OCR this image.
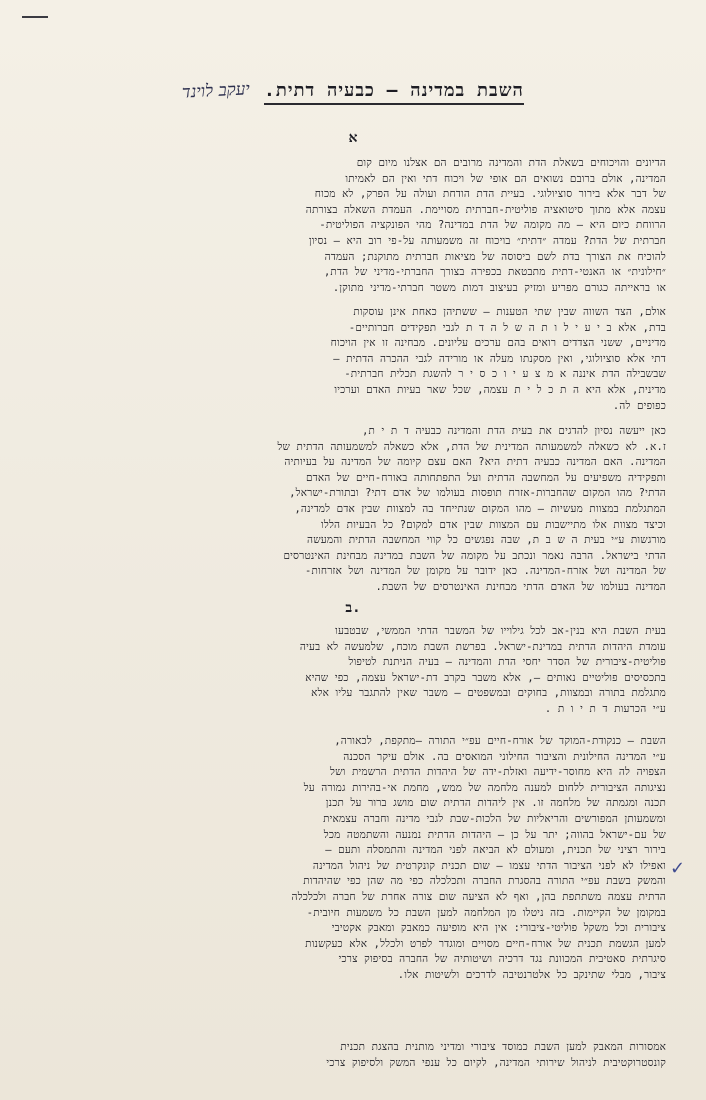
השבת במדינה – כבעיה דתית.
יעקב לוינד
א
הדיונים והויכוחים בשאלת הדת והמדינה מרובים הם אצלנו מיום קום
המדינה, אולם ברובם נשואים הם אופי של ויכוח דתי ואין הם לאמיתו
של דבר אלא בירור סוציולוגי. בעיית הדת הודחת ועולה על הפרק, לא מכוח
עצמה אלא מתוך סיטואציה פוליטית-חברתית מסויימת. העמדת השאלה בצורתה
הרווחת כיום היא – מה מקומה של הדת במדינה? מהי הפונקציה הפוליטית-
חברתית של הדת? עמדה ״דתית״ בויכוח זה משמעותה על-פי רוב היא – נסיון
להוכיח את הצורך בדת לשם ביסוסה של מציאות חברתית מתוקנת; העמדה
״חילונית״ או האנטי-דתית מתבטאת בכפירה בצורך החברתי-מדיני של הדת,
או בראייתה כגורם מפריע ומזיק בעיצוב דמות משטר חברתי-מדיני מתוקן.
אולם, הצד השווה שבין שתי הטענות – ששתיהן כאחת אינן עוסקות
בדת, אלא ב י ע י ל ו ת ה ש ל ה ד ת לגבי תפקידים חברותיים-
מדיניים, ששני הצדדים רואים בהם ערכים עליונים. מבחינה זו אין הויכוח
דתי אלא סוציולוגי, ואין מסקנתו מעלה או מורידה לגבי ההכרה הדתית –
שבשבילה הדת איננה א מ צ ע י ו כ ס י ר להשגת תכלית חברתית-
מדינית, אלא היא ה ת כ ל י ת עצמה, שכל שאר בעיות האדם וערכיו
כפופים לה.
כאן ייעשה נסיון להדגים את בעית הדת והמדינה כבעיה ד ת י ת,
ז.א. לא כשאלה למשמעותה המדינית של הדת, אלא כשאלה למשמעותה הדתית של
המדינה. האם המדינה כבעיה דתית היא? האם עצם קיומה של המדינה על בעיותיה
ותפקידיה משפיעים על המחשבה הדתית ועל התפתחותה באורח-חיים של האדם
הדתי? מהו המקום שהחברות-אזרח תופסות בעולמו של אדם דתי? ובתורת-ישראל,
המתגלמת במצוות מעשיות – מהו המקום שנתייחד בה למצוות שבין אדם למדינה,
וכיצד מצוות אלו מתיישבות עם המצוות שבין אדם למקום? כל הבעיות הללו
מורגשות ע״י בעית ה ש ב ת, שבה נפגשים כל קווי המחשבה הדתית והמעשה
הדתי בישראל. הרבה נאמר ונכתב על מקומה של השבת במדינה מבחינת האינטרסים
של המדינה ושל אזרח-המדינה. כאן ידובר על מקומן של המדינה ושל אזרחות-
המדינה בעולמו של האדם הדתי מבחינת האינטרסים של השבת.
ב.
בעית השבת היא בנין-אב לכל גילוייו של המשבר הדתי הממשי, שבטבעו
עומדת היהדות הדתית במדינת-ישראל. בפרשת השבת מוכח, שלמעשה לא בעיה
פוליטית-ציבורית של הסדר יחסי הדת והמדינה – בעיה הניתנת לטיפול
בתכסיסים פוליטיים נאותים –, אלא משבר בקרב דת-ישראל עצמה, כפי שהיא
מתגלמת בתורה ובמצוות, בחוקים ובמשפטים – משבר שאין להתגבר עליו אלא
ע״י הכרעות ד ת י ו ת .
השבת – כנקודת-המוקד של אורח-חיים עפ״י התורה –מתקפת, לכאורה,
ע״י המדינה החילונית והציבור החילוני המואסים בה. אולם עיקר הסכנה
הצפויה לה היא מחוסר-ידיעה ואזלת-ידה של היהדות הדתית הרשמית ושל
נציגותה הציבורית ללחום למענה מלחמה של ממש, מחמת אי-בהירות גמורה על
תכנה ומגמתה של מלחמה זו. אין ליהדות הדתית שום מושג ברור על תכנן
ומשמעותן המפורשים והריאליות של הלכות-שבת לגבי מדינה וחברה עצמאית
של עם-ישראל בהווה; יתר על כן – היהדות הדתית נמנעה והשתמטה מכל
בירור רציני של תכנית, ומעולם לא הביאה לפני המדינה והתמסלה ותעם –
ואפילו לא לפני הציבור הדתי עצמו – שום תכנית קונקרטית של ניהול המדינה
והמשק בשבת עפ״י התורה בהסגרת החברה ותכלכלה כפי מה שהן כפי שהיהדות
הדתית עצמה משתתפת בהן, ואף לא הציעה שום צורה אחרת של חברה ולכלכלה
במקומן של הקיימות. בזה ניטלו מן המלחמה למען השבת כל משמעות חיובית-
ציבורית וכל משקל פוליטי-ציבורי: אין היא מופיעה כמאבק ומאבק אקטיבי
למען הגשמת תכנית של אורח-חיים מסויים ומוגדר לפרט ולכלל, אלא כעקשנות
סיגרתית סאטיבית המכוונת נגד דרכיה ושיטותיה של החברה בסיפוק צרכי
ציבור, מבלי שתינקב כל אלטרנטיבה לדרכים ולשיטות אלו.
אמסורות המאבק למען השבת כמוסד ציבורי ומדיני מותנית בהצגת תכנית
קונסטרוקטיבית לניהול שירותי המדינה, לקיום כל ענפי המשק ולסיפוק צרכי
✓
